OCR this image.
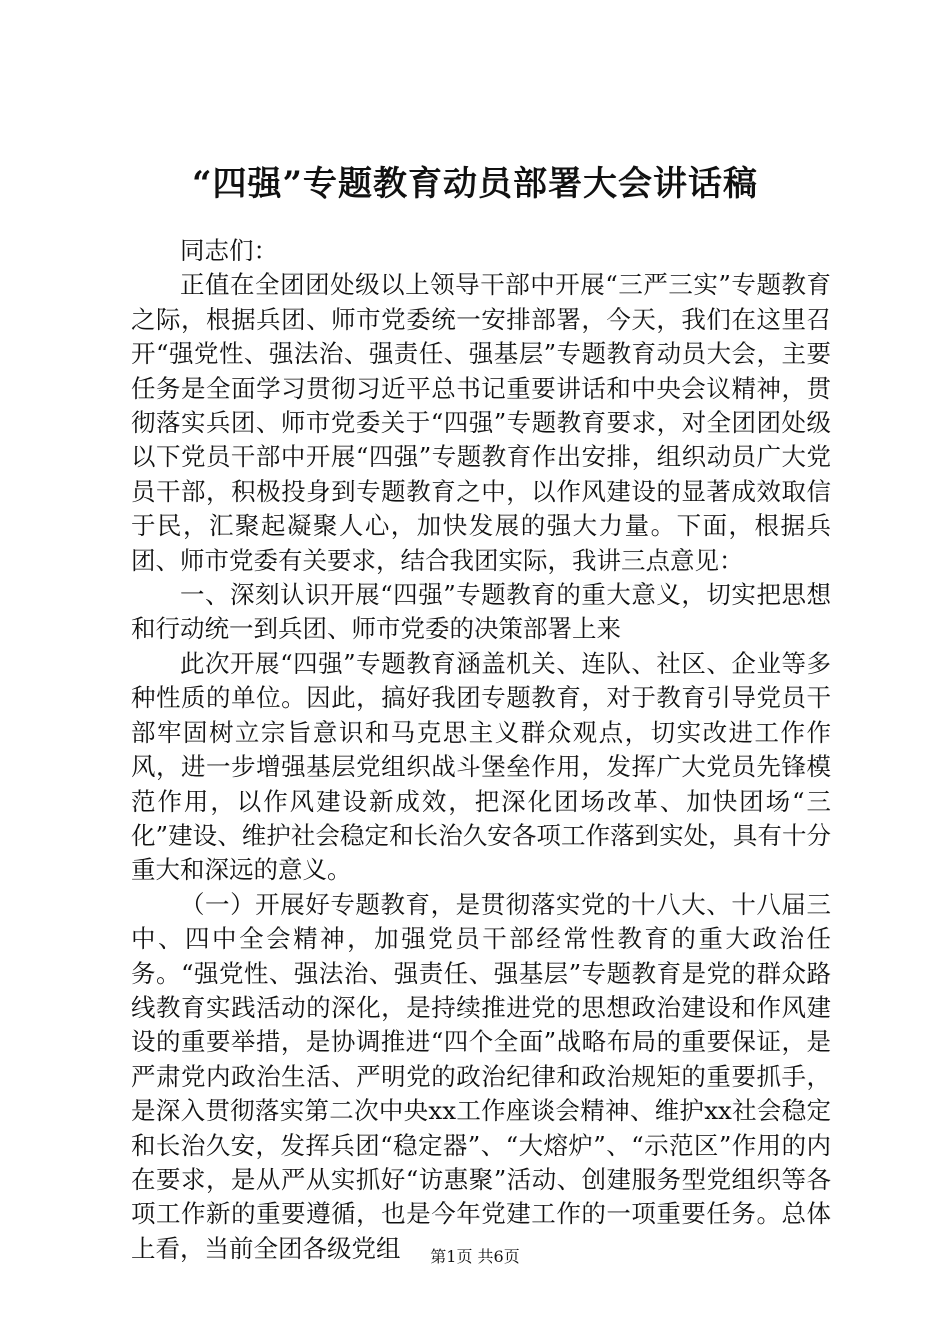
“四强”专题教育动员部署大会讲话稿

同志们：

正值在全团团处级以上领导干部中开展“三严三实”专题教育之际，根据兵团、师市党委统一安排部署，今天，我们在这里召开“强党性、强法治、强责任、强基层”专题教育动员大会，主要任务是全面学习贯彻习近平总书记重要讲话和中央会议精神，贯彻落实兵团、师市党委关于“四强”专题教育要求，对全团团处级以下党员干部中开展“四强”专题教育作出安排，组织动员广大党员干部，积极投身到专题教育之中，以作风建设的显著成效取信于民，汇聚起凝聚人心，加快发展的强大力量。下面，根据兵团、师市党委有关要求，结合我团实际，我讲三点意见：

一、深刻认识开展“四强”专题教育的重大意义，切实把思想和行动统一到兵团、师市党委的决策部署上来

此次开展“四强”专题教育涵盖机关、连队、社区、企业等多种性质的单位。因此，搞好我团专题教育，对于教育引导党员干部牢固树立宗旨意识和马克思主义群众观点，切实改进工作作风，进一步增强基层党组织战斗堡垒作用，发挥广大党员先锋模范作用，以作风建设新成效，把深化团场改革、加快团场“三化”建设、维护社会稳定和长治久安各项工作落到实处，具有十分重大和深远的意义。

（一）开展好专题教育，是贯彻落实党的十八大、十八届三中、四中全会精神，加强党员干部经常性教育的重大政治任务。“强党性、强法治、强责任、强基层”专题教育是党的群众路线教育实践活动的深化，是持续推进党的思想政治建设和作风建设的重要举措，是协调推进“四个全面”战略布局的重要保证，是严肃党内政治生活、严明党的政治纪律和政治规矩的重要抓手，是深入贯彻落实第二次中央xx工作座谈会精神、维护xx社会稳定和长治久安，发挥兵团“稳定器”、“大熔炉”、“示范区”作用的内在要求，是从严从实抓好“访惠聚”活动、创建服务型党组织等各项工作新的重要遵循，也是今年党建工作的一项重要任务。总体上看，当前全团各级党组	第1页 共6页
